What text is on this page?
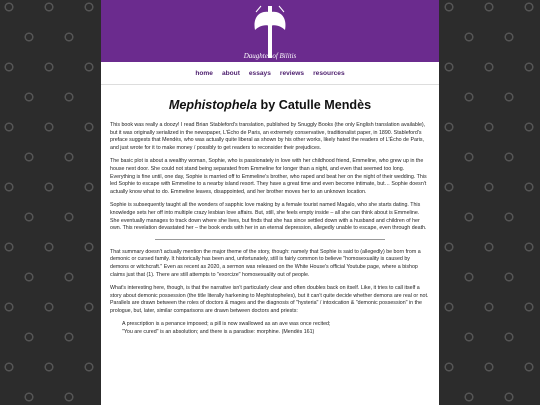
Daughter of Bilitis
home about essays reviews resources
Mephistophela by Catulle Mendès

This book was really a doozy! I read Brian Stableford's translation, published by Snuggly Books (the only English translation available), but it was originally serialized in the newspaper, L'Écho de Paris, an extremely conservative, traditionalist paper, in 1890. Stableford's preface suggests that Mendès, who was actually quite liberal as shown by his other works, likely hated the readers of L'Écho de Paris, and just wrote for it to make money / possibly to get readers to reconsider their prejudices.

The basic plot is about a wealthy woman, Sophie, who is passionately in love with her childhood friend, Emmeline, who grew up in the house next door. She could not stand being separated from Emmeline for longer than a night, and even that seemed too long. Everything is fine until, one day, Sophie is married off to Emmeline's brother, who raped and beat her on the night of their wedding. This led Sophie to escape with Emmeline to a nearby island resort. They have a great time and even become intimate, but… Sophie doesn't actually know what to do. Emmeline leaves, disappointed, and her brother moves her to an unknown location.

Sophie is subsequently taught all the wonders of sapphic love making by a female tourist named Magalo, who she starts dating. This knowledge sets her off into multiple crazy lesbian love affairs. But, still, she feels empty inside – all she can think about is Emmeline. She eventually manages to track down where she lives, but finds that she has since settled down with a husband and children of her own. This revelation devastated her – the book ends with her in an eternal depression, allegedly unable to escape, even through death.

That summary doesn't actually mention the major theme of the story, though: namely that Sophie is said to (allegedly) be born from a demonic or cursed family. It historically has been and, unfortunately, still is fairly common to believe "homosexuality is caused by demons or witchcraft." Even as recent as 2020, a sermon was released on the White House's official Youtube page, where a bishop claims just that (1). There are still attempts to "exorcize" homosexuality out of people.

What's interesting here, though, is that the narrative isn't particularly clear and often doubles back on itself. Like, it tries to call itself a story about demonic possession (the title literally harkening to Mephistopheles), but it can't quite decide whether demons are real or not. Parallels are drawn between the roles of doctors & mages and the diagnosis of "hysteria" / intoxication & "demonic possession" in the prologue, but, later, similar comparisons are drawn between doctors and priests:

A prescription is a penance imposed; a pill is now swallowed as an ave was once recited;

"You are cured" is an absolution; and there is a paradise: morphine. (Mendès 161)
